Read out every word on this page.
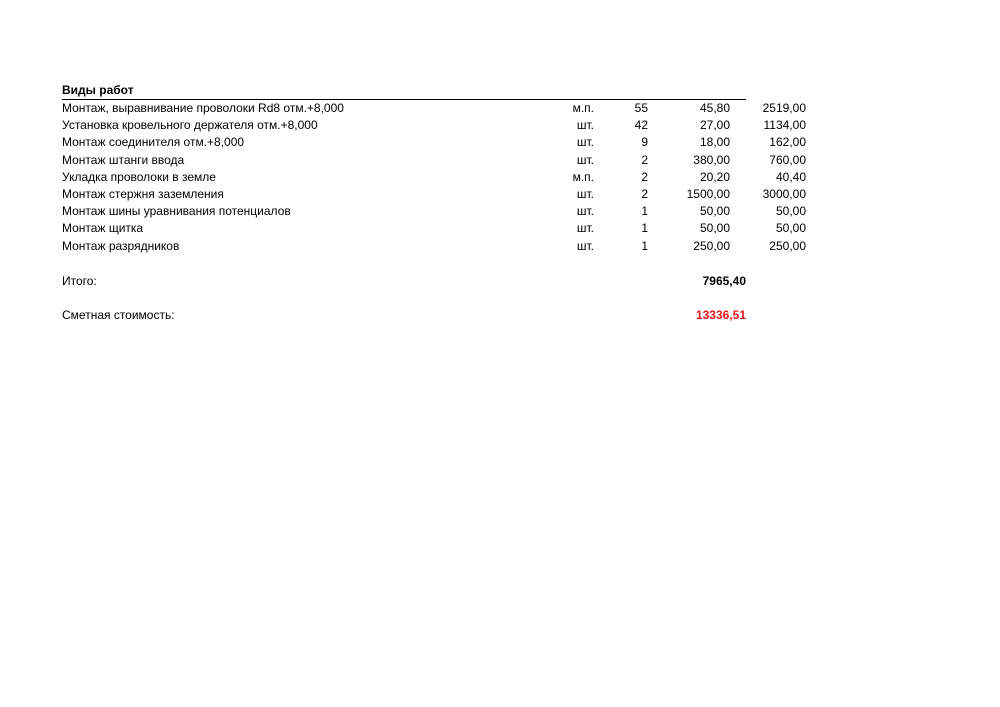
Виды работ
Монтаж, выравнивание проволоки Rd8 отм.+8,000	м.п.	55	45,80	2519,00
Установка кровельного держателя отм.+8,000	шт.	42	27,00	1134,00
Монтаж соединителя отм.+8,000	шт.	9	18,00	162,00
Монтаж штанги ввода	шт.	2	380,00	760,00
Укладка проволоки в земле	м.п.	2	20,20	40,40
Монтаж стержня заземления	шт.	2	1500,00	3000,00
Монтаж шины уравнивания потенциалов	шт.	1	50,00	50,00
Монтаж щитка	шт.	1	50,00	50,00
Монтаж разрядников	шт.	1	250,00	250,00
Итого:	7965,40
Сметная стоимость:	13336,51
